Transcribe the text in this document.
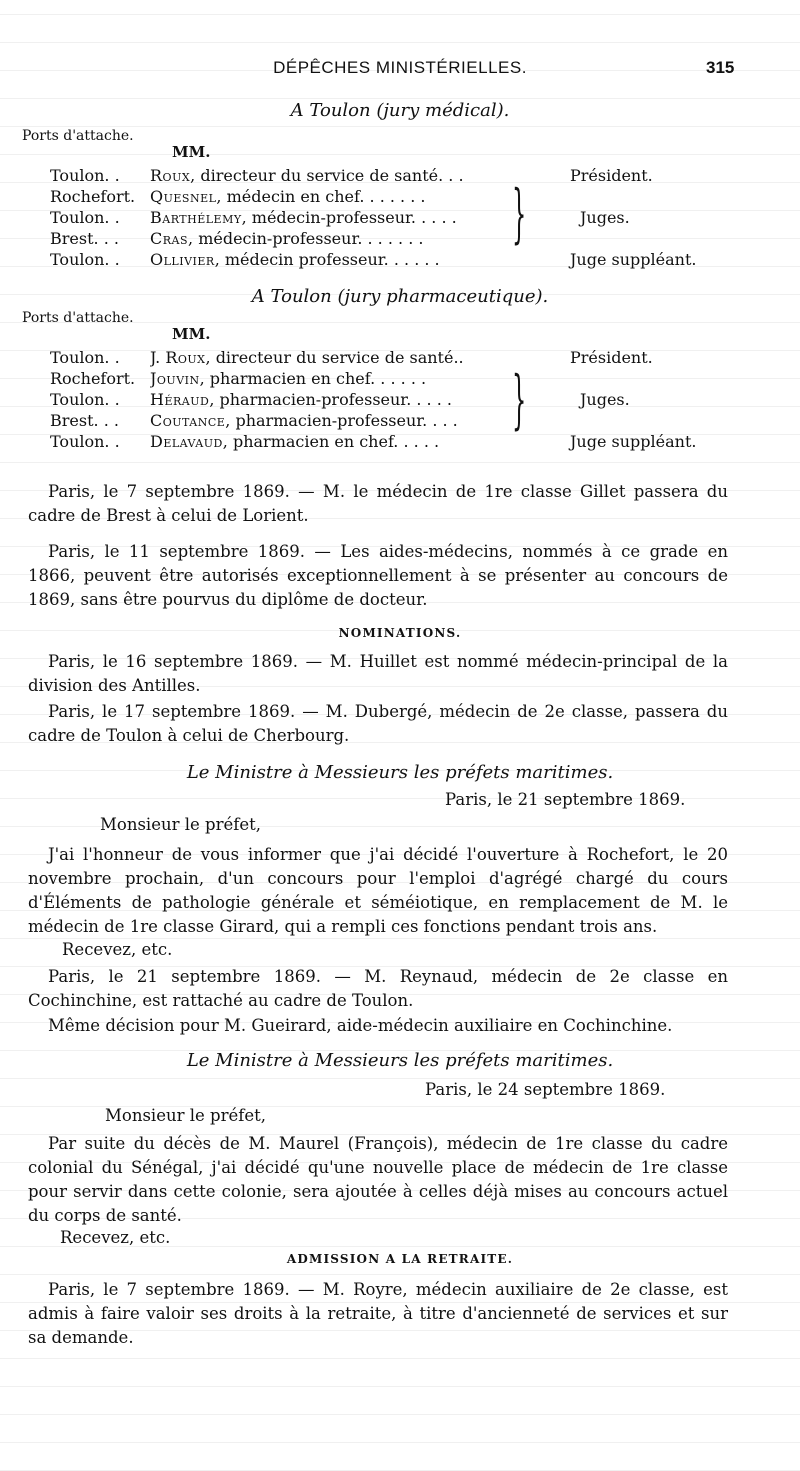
DÉPÊCHES MINISTÉRIELLES.	315
A Toulon (jury médical).
Ports d'attache.
MM.
Toulon. .	Roux, directeur du service de santé. . .	Président.
Rochefort. Quesnel, médecin en chef. . . . . . .
Toulon. .	Barthélemy, médecin-professeur. . . . .	Juges.
Brest. . .	Cras, médecin-professeur. . . . . . .
Toulon. .	Ollivier, médecin professeur. . . . . .	Juge suppléant.
}
A Toulon (jury pharmaceutique).
Ports d'attache.
MM.
Toulon. .	J. Roux, directeur du service de santé..	Président.
Rochefort. Jouvin, pharmacien en chef. . . . . .
Toulon. .	Héraud, pharmacien-professeur. . . . .	Juges.
Brest. . .	Coutance, pharmacien-professeur. . . .
Toulon. .	Delavaud, pharmacien en chef. . . . .	Juge suppléant.
}
Paris, le 7 septembre 1869. — M. le médecin de 1re classe Gillet passera du cadre de Brest à celui de Lorient.
Paris, le 11 septembre 1869. — Les aides-médecins, nommés à ce grade en 1866, peuvent être autorisés exceptionnellement à se présenter au concours de 1869, sans être pourvus du diplôme de docteur.
NOMINATIONS.
Paris, le 16 septembre 1869. — M. Huillet est nommé médecin-principal de la division des Antilles.
Paris, le 17 septembre 1869. — M. Dubergé, médecin de 2e classe, passera du cadre de Toulon à celui de Cherbourg.
Le Ministre à Messieurs les préfets maritimes.
Paris, le 21 septembre 1869.
Monsieur le préfet,
J'ai l'honneur de vous informer que j'ai décidé l'ouverture à Rochefort, le 20 novembre prochain, d'un concours pour l'emploi d'agrégé chargé du cours d'Éléments de pathologie générale et séméiotique, en remplacement de M. le médecin de 1re classe Girard, qui a rempli ces fonctions pendant trois ans.
Recevez, etc.
Paris, le 21 septembre 1869. — M. Reynaud, médecin de 2e classe en Cochinchine, est rattaché au cadre de Toulon.
Même décision pour M. Gueirard, aide-médecin auxiliaire en Cochinchine.
Le Ministre à Messieurs les préfets maritimes.
Paris, le 24 septembre 1869.
Monsieur le préfet,
Par suite du décès de M. Maurel (François), médecin de 1re classe du cadre colonial du Sénégal, j'ai décidé qu'une nouvelle place de médecin de 1re classe pour servir dans cette colonie, sera ajoutée à celles déjà mises au concours actuel du corps de santé.
Recevez, etc.
ADMISSION A LA RETRAITE.
Paris, le 7 septembre 1869. — M. Royre, médecin auxiliaire de 2e classe, est admis à faire valoir ses droits à la retraite, à titre d'ancienneté de services et sur sa demande.
